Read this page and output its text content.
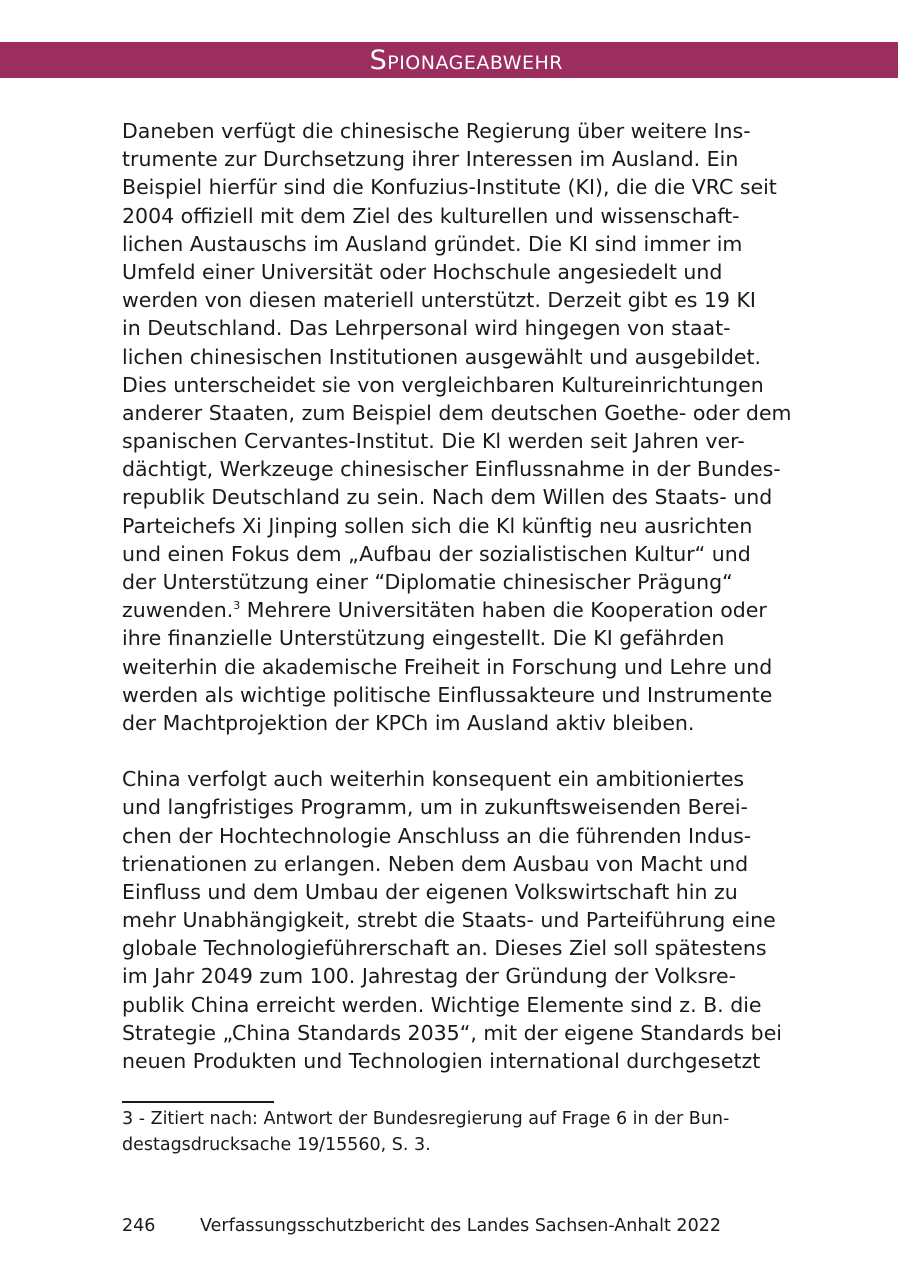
Spionageabwehr
Daneben verfügt die chinesische Regierung über weitere Ins-
trumente zur Durchsetzung ihrer Interessen im Ausland. Ein
Beispiel hierfür sind die Konfuzius-Institute (KI), die die VRC seit
2004 offiziell mit dem Ziel des kulturellen und wissenschaft-
lichen Austauschs im Ausland gründet. Die KI sind immer im
Umfeld einer Universität oder Hochschule angesiedelt und
werden von diesen materiell unterstützt. Derzeit gibt es 19 KI
in Deutschland. Das Lehrpersonal wird hingegen von staat-
lichen chinesischen Institutionen ausgewählt und ausgebildet.
Dies unterscheidet sie von vergleichbaren Kultureinrichtungen
anderer Staaten, zum Beispiel dem deutschen Goethe- oder dem
spanischen Cervantes-Institut. Die Kl werden seit Jahren ver-
dächtigt, Werkzeuge chinesischer Einflussnahme in der Bundes-
republik Deutschland zu sein. Nach dem Willen des Staats- und
Parteichefs Xi Jinping sollen sich die Kl künftig neu ausrichten
und einen Fokus dem „Aufbau der sozialistischen Kultur“ und
der Unterstützung einer “Diplomatie chinesischer Prägung“
zuwenden.$^3$ Mehrere Universitäten haben die Kooperation oder
ihre finanzielle Unterstützung eingestellt. Die KI gefährden
weiterhin die akademische Freiheit in Forschung und Lehre und
werden als wichtige politische Einflussakteure und Instrumente
der Machtprojektion der KPCh im Ausland aktiv bleiben.
China verfolgt auch weiterhin konsequent ein ambitioniertes
und langfristiges Programm, um in zukunftsweisenden Berei-
chen der Hochtechnologie Anschluss an die führenden Indus-
trienationen zu erlangen. Neben dem Ausbau von Macht und
Einfluss und dem Umbau der eigenen Volkswirtschaft hin zu
mehr Unabhängigkeit, strebt die Staats- und Parteiführung eine
globale Technologieführerschaft an. Dieses Ziel soll spätestens
im Jahr 2049 zum 100. Jahrestag der Gründung der Volksre-
publik China erreicht werden. Wichtige Elemente sind z. B. die
Strategie „China Standards 2035“, mit der eigene Standards bei
neuen Produkten und Technologien international durchgesetzt
3 - Zitiert nach: Antwort der Bundesregierung auf Frage 6 in der Bun-
destagsdrucksache 19/15560, S. 3.
246	Verfassungsschutzbericht des Landes Sachsen-Anhalt 2022
